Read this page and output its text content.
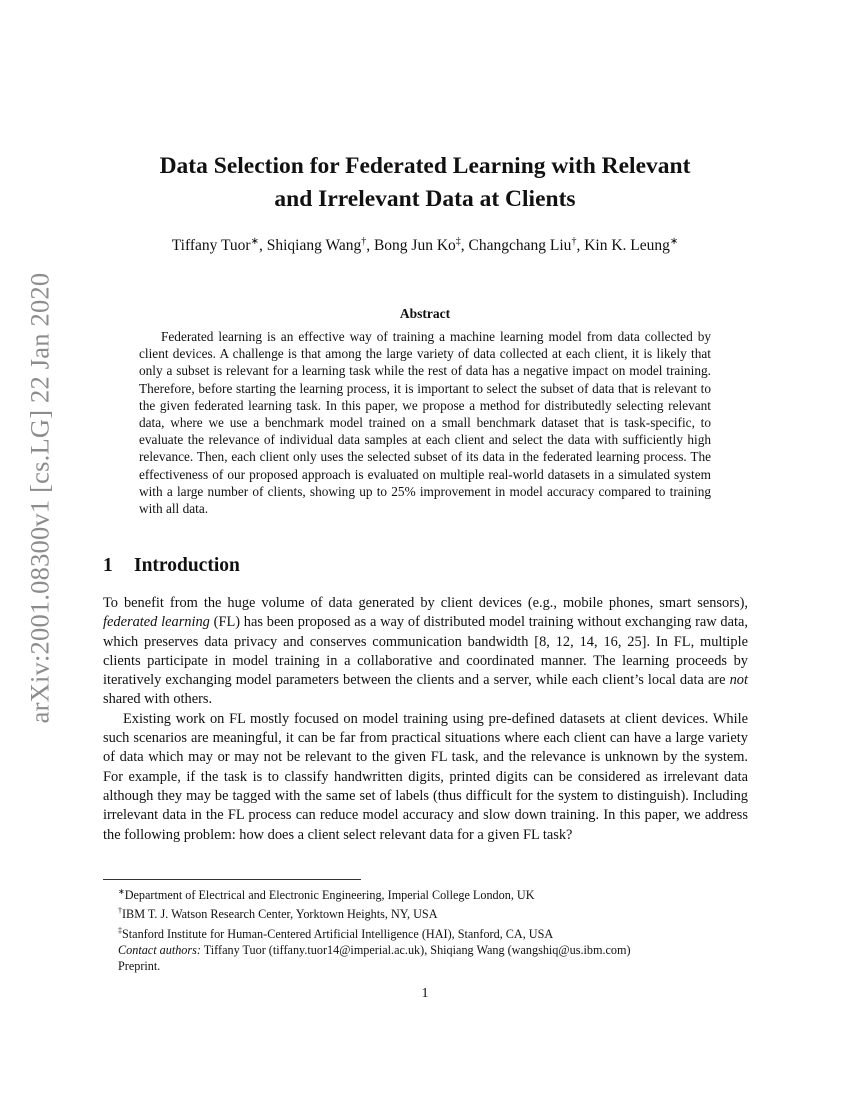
arXiv:2001.08300v1 [cs.LG] 22 Jan 2020
Data Selection for Federated Learning with Relevant
and Irrelevant Data at Clients
Tiffany Tuor∗, Shiqiang Wang†, Bong Jun Ko‡, Changchang Liu†, Kin K. Leung∗
Abstract
Federated learning is an effective way of training a machine learning model from data collected by client devices. A challenge is that among the large variety of data collected at each client, it is likely that only a subset is relevant for a learning task while the rest of data has a negative impact on model training. Therefore, before starting the learning process, it is important to select the subset of data that is relevant to the given federated learning task. In this paper, we propose a method for distributedly selecting relevant data, where we use a benchmark model trained on a small benchmark dataset that is task-specific, to evaluate the relevance of individual data samples at each client and select the data with sufficiently high relevance. Then, each client only uses the selected subset of its data in the federated learning process. The effectiveness of our proposed approach is evaluated on multiple real-world datasets in a simulated system with a large number of clients, showing up to 25% improvement in model accuracy compared to training with all data.
1 Introduction

To benefit from the huge volume of data generated by client devices (e.g., mobile phones, smart sensors), federated learning (FL) has been proposed as a way of distributed model training without exchanging raw data, which preserves data privacy and conserves communication bandwidth [8, 12, 14, 16, 25]. In FL, multiple clients participate in model training in a collaborative and coordinated manner. The learning proceeds by iteratively exchanging model parameters between the clients and a server, while each client’s local data are not shared with others.

Existing work on FL mostly focused on model training using pre-defined datasets at client devices. While such scenarios are meaningful, it can be far from practical situations where each client can have a large variety of data which may or may not be relevant to the given FL task, and the relevance is unknown by the system. For example, if the task is to classify handwritten digits, printed digits can be considered as irrelevant data although they may be tagged with the same set of labels (thus difficult for the system to distinguish). Including irrelevant data in the FL process can reduce model accuracy and slow down training. In this paper, we address the following problem: how does a client select relevant data for a given FL task?

∗Department of Electrical and Electronic Engineering, Imperial College London, UK
†IBM T. J. Watson Research Center, Yorktown Heights, NY, USA
‡Stanford Institute for Human-Centered Artificial Intelligence (HAI), Stanford, CA, USA
Contact authors: Tiffany Tuor (tiffany.tuor14@imperial.ac.uk), Shiqiang Wang (wangshiq@us.ibm.com)
Preprint.
1
